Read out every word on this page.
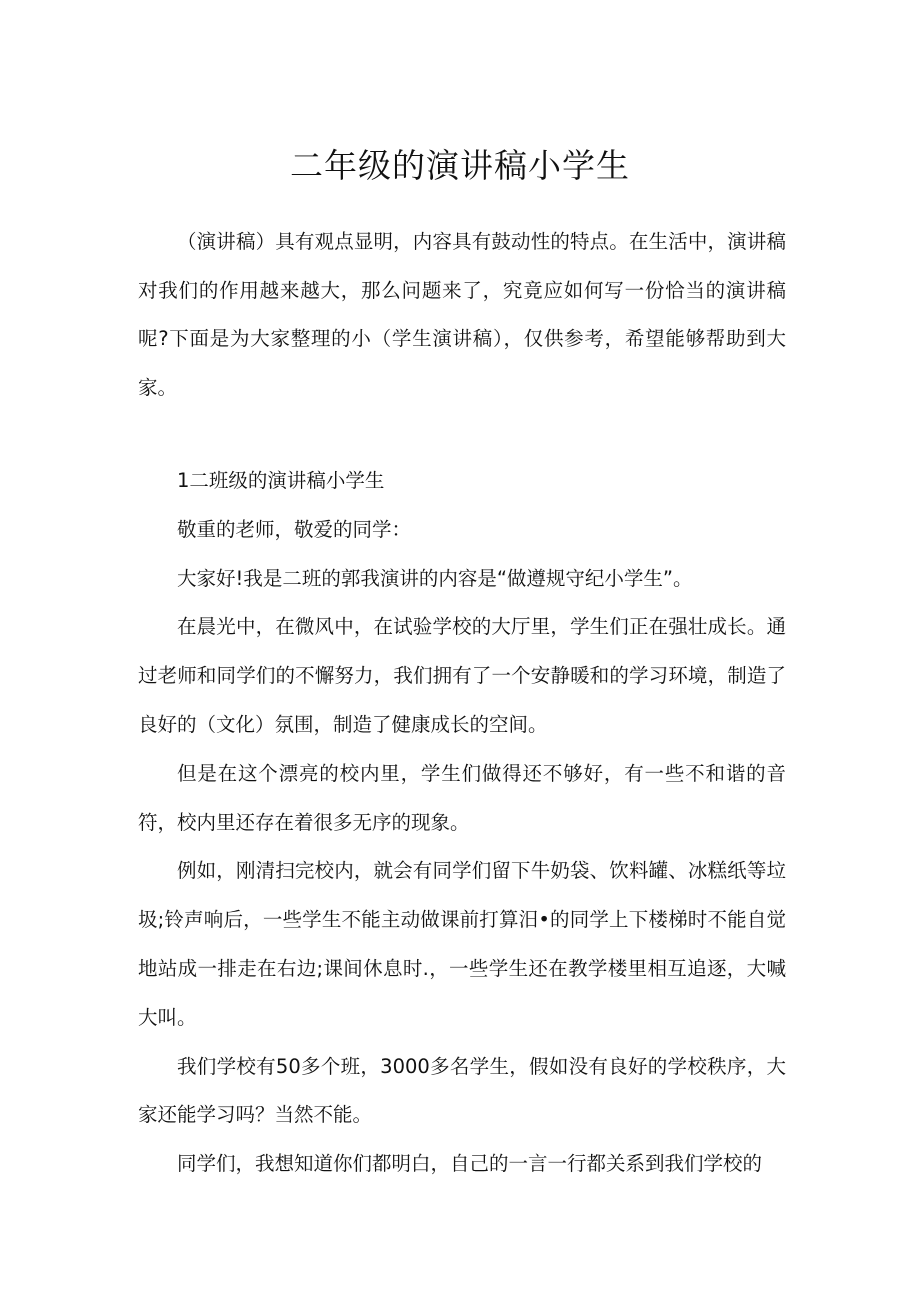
二年级的演讲稿小学生

（演讲稿）具有观点显明，内容具有鼓动性的特点。在生活中，演讲稿对我们的作用越来越大，那么问题来了，究竟应如何写一份恰当的演讲稿呢?下面是为大家整理的小（学生演讲稿），仅供参考，希望能够帮助到大家。

1二班级的演讲稿小学生

敬重的老师，敬爱的同学：

大家好!我是二班的郭我演讲的内容是“做遵规守纪小学生”。

在晨光中，在微风中，在试验学校的大厅里，学生们正在强壮成长。通过老师和同学们的不懈努力，我们拥有了一个安静暖和的学习环境，制造了良好的（文化）氛围，制造了健康成长的空间。

但是在这个漂亮的校内里，学生们做得还不够好，有一些不和谐的音符，校内里还存在着很多无序的现象。

例如，刚清扫完校内，就会有同学们留下牛奶袋、饮料罐、冰糕纸等垃圾;铃声响后，一些学生不能主动做课前打算汨•的同学上下楼梯时不能自觉地站成一排走在右边;课间休息时.，一些学生还在教学楼里相互追逐，大喊大叫。

我们学校有50多个班，3000多名学生，假如没有良好的学校秩序，大家还能学习吗？当然不能。

同学们，我想知道你们都明白，自己的一言一行都关系到我们学校的
